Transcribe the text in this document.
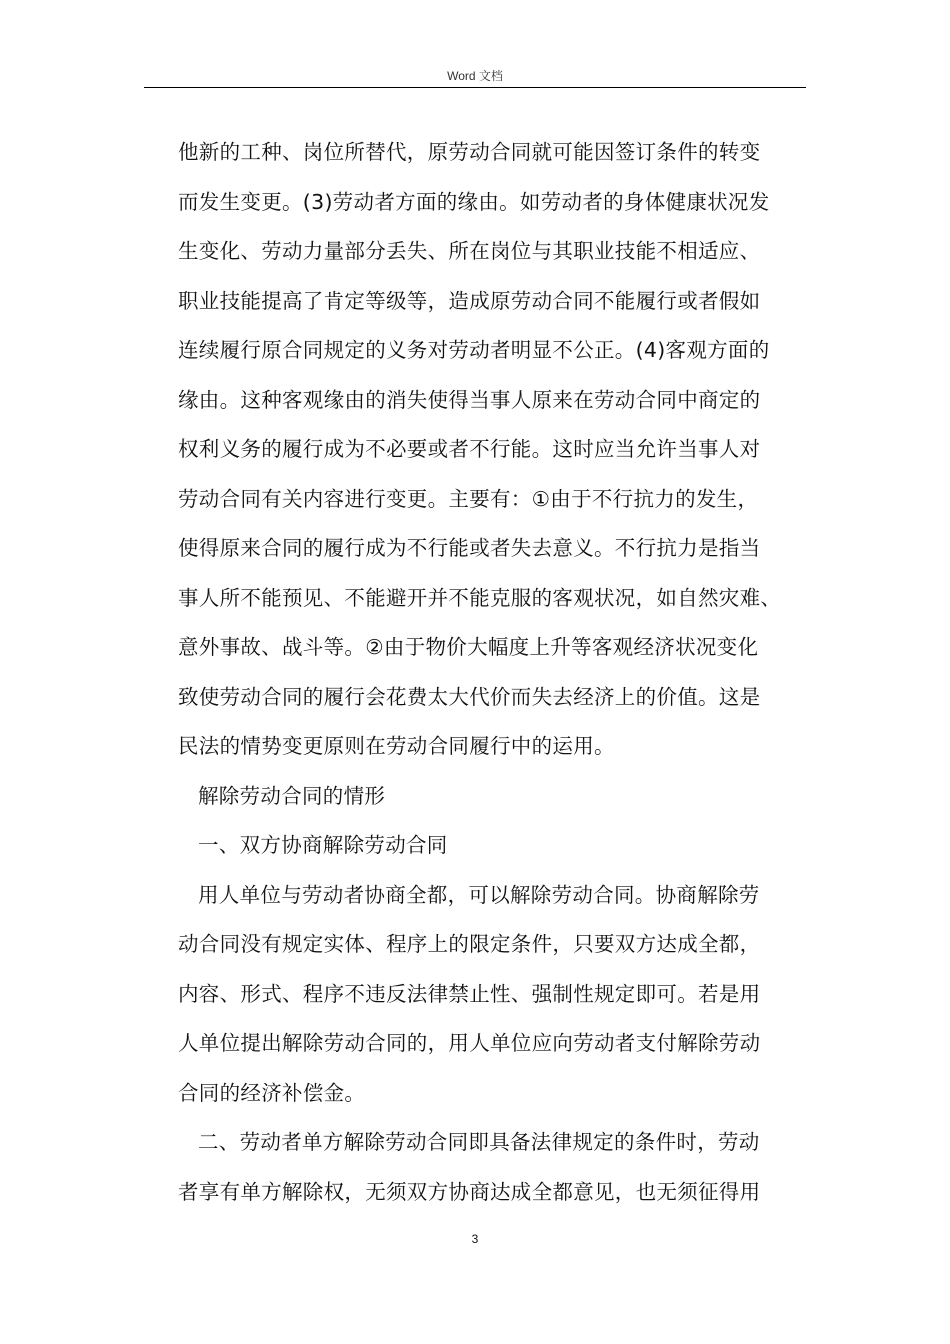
Word 文档
他新的工种、岗位所替代，原劳动合同就可能因签订条件的转变
而发生变更。(3)劳动者方面的缘由。如劳动者的身体健康状况发
生变化、劳动力量部分丢失、所在岗位与其职业技能不相适应、
职业技能提高了肯定等级等，造成原劳动合同不能履行或者假如
连续履行原合同规定的义务对劳动者明显不公正。(4)客观方面的
缘由。这种客观缘由的消失使得当事人原来在劳动合同中商定的
权利义务的履行成为不必要或者不行能。这时应当允许当事人对
劳动合同有关内容进行变更。主要有：①由于不行抗力的发生，
使得原来合同的履行成为不行能或者失去意义。不行抗力是指当
事人所不能预见、不能避开并不能克服的客观状况，如自然灾难、
意外事故、战斗等。②由于物价大幅度上升等客观经济状况变化
致使劳动合同的履行会花费太大代价而失去经济上的价值。这是
民法的情势变更原则在劳动合同履行中的运用。
解除劳动合同的情形
一、双方协商解除劳动合同
用人单位与劳动者协商全都，可以解除劳动合同。协商解除劳
动合同没有规定实体、程序上的限定条件，只要双方达成全都，
内容、形式、程序不违反法律禁止性、强制性规定即可。若是用
人单位提出解除劳动合同的，用人单位应向劳动者支付解除劳动
合同的经济补偿金。
二、劳动者单方解除劳动合同即具备法律规定的条件时，劳动
者享有单方解除权，无须双方协商达成全都意见，也无须征得用
3
